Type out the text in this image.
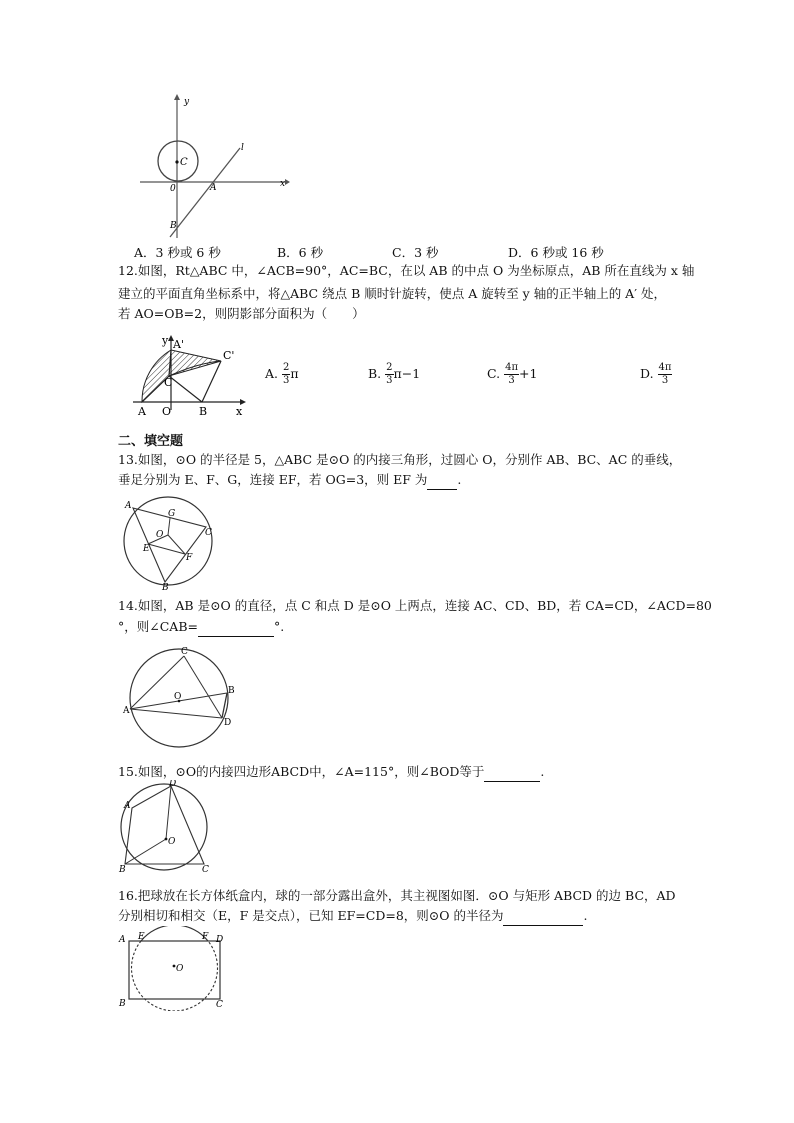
y
x
C
0	A
B
l
A．3 秒或 6 秒	B．6 秒	C．3 秒	D．6 秒或 16 秒
12.如图，Rt△ABC 中，∠ACB=90°，AC=BC，在以 AB 的中点 O 为坐标原点，AB 所在直线为 x 轴
建立的平面直角坐标系中，将△ABC 绕点 B 顺时针旋转，使点 A 旋转至 y 轴的正半轴上的 A′ 处，
若 AO=OB=2，则阴影部分面积为（　　）
y A'
C'
C
A O	B	x
A. $\frac{2}{3}$ π	B. $\frac{2}{3} \pi-1$	C. $\frac{4\pi}{3} +1$	D. $\frac{4\pi}{3}$
二、填空题
13.如图，⊙O 的半径是 5，△ABC 是⊙O 的内接三角形，过圆心 O，分别作 AB、BC、AC 的垂线，
垂足分别为 E、F、G，连接 EF，若 OG=3，则 EF 为 .
A
G
O	C
E
F
B
14.如图，AB 是⊙O 的直径，点 C 和点 D 是⊙O 上两点，连接 AC、CD、BD，若 CA=CD，∠ACD=80
°，则∠CAB=	°.
C
O
B
A
D
15.如图，⊙O的内接四边形ABCD中，∠A=115°，则∠BOD等于	.
A
D
O
B	C
16.把球放在长方体纸盒内，球的一部分露出盒外，其主视图如图．⊙O 与矩形 ABCD 的边 BC，AD
分别相切和相交（E，F 是交点），已知 EF=CD=8，则⊙O 的半径为	.
A E	F D
O
B	C
